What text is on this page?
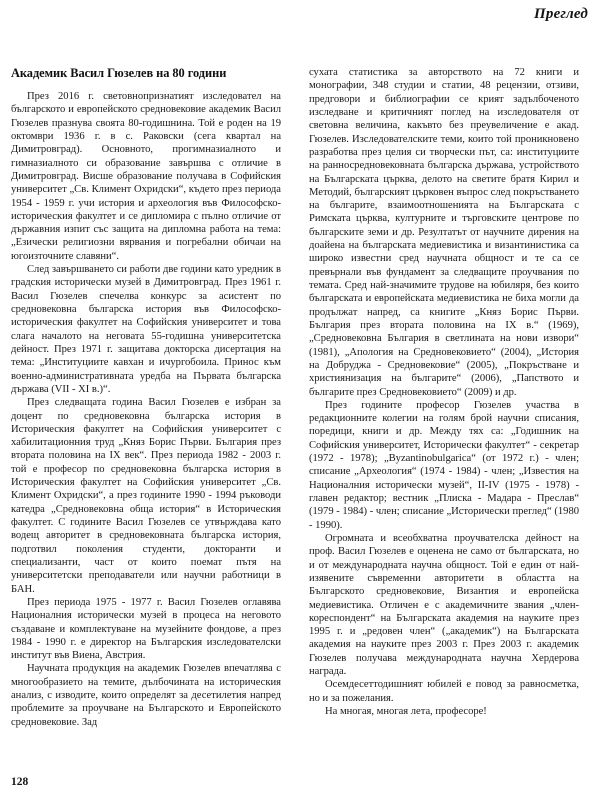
Преглед
Академик Васил Гюзелев на 80 години

През 2016 г. световнопризнатият изследовател на българското и европейското средновековие академик Васил Гюзелев празнува своята 80-годишнина. Той е роден на 19 октомври 1936 г. в с. Раковски (сега квартал на Димитровград). Основното, прогимназиалното и гимназиалното си образование завършва с отличие в Димитровград. Висше образование получава в Софийския университет „Св. Климент Охридски“, където през периода 1954 - 1959 г. учи история и археология във Философско-историческия факултет и се дипломира с пълно отличие от държавния изпит със защита на дипломна работа на тема: „Езически религиозни вярвания и погребални обичаи на югоизточните славяни“.

След завършването си работи две години като уредник в градския исторически музей в Димитровград. През 1961 г. Васил Гюзелев спечелва конкурс за асистент по средновековна българска история във Философско-историческия факултет на Софийския университет и това слага началото на неговата 55-годишна университетска дейност. През 1971 г. защитава докторска дисертация на тема: „Институциите кавхан и ичургобоила. Принос към военно-административната уредба на Първата българска държава (VII - XI в.)“.

През следващата година Васил Гюзелев е избран за доцент по средновековна българска история в Историческия факултет на Софийския университет с хабилитационния труд „Княз Борис Първи. България през втората половина на IX век“. През периода 1982 - 2003 г. той е професор по средновековна българска история в Историческия факултет на Софийския университет „Св. Климент Охридски“, а през годините 1990 - 1994 ръководи катедра „Средновековна обща история“ в Историческия факултет. С годините Васил Гюзелев се утвърждава като водещ авторитет в средновековната българска история, подготвил поколения студенти, докторанти и специализанти, част от които поемат пътя на университетски преподаватели или научни работници в БАН.

През периода 1975 - 1977 г. Васил Гюзелев оглавява Националния исторически музей в процеса на неговото създаване и комплектуване на музейните фондове, а през 1984 - 1990 г. е директор на Българския изследователски институт във Виена, Австрия.

Научната продукция на академик Гюзелев впечатлява с многообразието на темите, дълбочината на историческия анализ, с изводите, които определят за десетилетия напред проблемите за проучване на Българското и Европейското средновековие. Зад

сухата статистика за авторството на 72 книги и монографии, 348 студии и статии, 48 рецензии, отзиви, предговори и библиографии се крият задълбоченото изследване и критичният поглед на изследователя от световна величина, какъвто без преувеличение е акад. Гюзелев. Изследователските теми, които той проникновено разработва през целия си творчески път, са: институциите на ранносредновековната българска държава, устройството на Българската църква, делото на светите братя Кирил и Методий, българският църковен въпрос след покръстването на българите, взаимоотношенията на Българската с Римската църква, културните и търговските центрове по българските земи и др. Резултатът от научните дирения на доайена на българската медиевистика и византинистика са широко известни сред научната общност и те са се превърнали във фундамент за следващите проучвания по темата. Сред най-значимите трудове на юбиляря, без които българската и европейската медиевистика не биха могли да продължат напред, са книгите „Княз Борис Първи. България през втората половина на IX в.“ (1969), „Средновековна България в светлината на нови извори“ (1981), „Апология на Средновековието“ (2004), „История на Добруджа - Средновековие“ (2005), „Покръстване и християнизация на българите“ (2006), „Папството и българите през Средновековието“ (2009) и др.

През годините професор Гюзелев участва в редакционните колегии на голям брой научни списания, поредици, книги и др. Между тях са: „Годишник на Софийския университет, Исторически факултет“ - секретар (1972 - 1978); „Byzantinobulgarica“ (от 1972 г.) - член; списание „Археология“ (1974 - 1984) - член; „Известия на Националния исторически музей“, II-IV (1975 - 1978) - главен редактор; вестник „Плиска - Мадара - Преслав“ (1979 - 1984) - член; списание „Исторически преглед“ (1980 - 1990).

Огромната и всеобхватна проучвателска дейност на проф. Васил Гюзелев е оценена не само от българската, но и от международната научна общност. Той е един от най-изявените съвременни авторитети в областта на Българското средновековие, Византия и европейска медиевистика. Отличен е с академичните звания „член-кореспондент“ на Българската академия на науките през 1995 г. и „редовен член“ („академик“) на Българската академия на науките през 2003 г. През 2003 г. академик Гюзелев получава международната научна Хердерова награда.

Осемдесеттодишният юбилей е повод за равносметка, но и за пожелания.

На многая, многая лета, професоре!

128
